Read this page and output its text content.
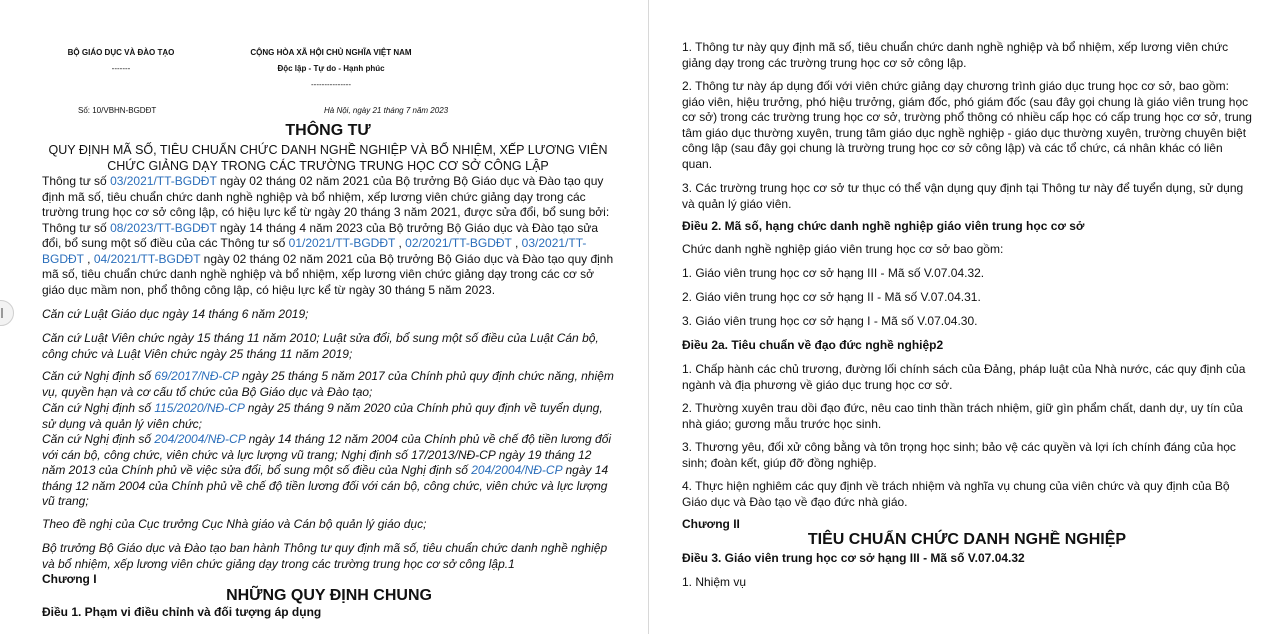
BỘ GIÁO DỤC VÀ ĐÀO TẠO
-------
CỘNG HÒA XÃ HỘI CHỦ NGHĨA VIỆT NAM
Độc lập - Tự do - Hạnh phúc
---------------
Số: 10/VBHN-BGDĐT	Hà Nội, ngày 21 tháng 7 năm 2023
THÔNG TƯ
QUY ĐỊNH MÃ SỐ, TIÊU CHUẨN CHỨC DANH NGHỀ NGHIỆP VÀ BỔ NHIỆM, XẾP LƯƠNG VIÊN CHỨC GIẢNG DẠY TRONG CÁC TRƯỜNG TRUNG HỌC CƠ SỞ CÔNG LẬP
Thông tư số 03/2021/TT-BGDĐT ngày 02 tháng 02 năm 2021 của Bộ trưởng Bộ Giáo dục và Đào tạo quy định mã số, tiêu chuẩn chức danh nghề nghiệp và bổ nhiệm, xếp lương viên chức giảng dạy trong các trường trung học cơ sở công lập, có hiệu lực kể từ ngày 20 tháng 3 năm 2021, được sửa đổi, bổ sung bởi:
Thông tư số 08/2023/TT-BGDĐT ngày 14 tháng 4 năm 2023 của Bộ trưởng Bộ Giáo dục và Đào tạo sửa đổi, bổ sung một số điều của các Thông tư số 01/2021/TT-BGDĐT , 02/2021/TT-BGDĐT , 03/2021/TT-BGDĐT , 04/2021/TT-BGDĐT ngày 02 tháng 02 năm 2021 của Bộ trưởng Bộ Giáo dục và Đào tạo quy định mã số, tiêu chuẩn chức danh nghề nghiệp và bổ nhiệm, xếp lương viên chức giảng dạy trong các cơ sở giáo dục mầm non, phổ thông công lập, có hiệu lực kể từ ngày 30 tháng 5 năm 2023.
Căn cứ Luật Giáo dục ngày 14 tháng 6 năm 2019;
Căn cứ Luật Viên chức ngày 15 tháng 11 năm 2010; Luật sửa đổi, bổ sung một số điều của Luật Cán bộ, công chức và Luật Viên chức ngày 25 tháng 11 năm 2019;
Căn cứ Nghị định số 69/2017/NĐ-CP ngày 25 tháng 5 năm 2017 của Chính phủ quy định chức năng, nhiệm vụ, quyền hạn và cơ cấu tổ chức của Bộ Giáo dục và Đào tạo;
Căn cứ Nghị định số 115/2020/NĐ-CP ngày 25 tháng 9 năm 2020 của Chính phủ quy định về tuyển dụng, sử dụng và quản lý viên chức;
Căn cứ Nghị định số 204/2004/NĐ-CP ngày 14 tháng 12 năm 2004 của Chính phủ về chế độ tiền lương đối với cán bộ, công chức, viên chức và lực lượng vũ trang; Nghị định số 17/2013/NĐ-CP ngày 19 tháng 12 năm 2013 của Chính phủ về việc sửa đổi, bổ sung một số điều của Nghị định số 204/2004/NĐ-CP ngày 14 tháng 12 năm 2004 của Chính phủ về chế độ tiền lương đối với cán bộ, công chức, viên chức và lực lượng vũ trang;
Theo đề nghị của Cục trưởng Cục Nhà giáo và Cán bộ quản lý giáo dục;
Bộ trưởng Bộ Giáo dục và Đào tạo ban hành Thông tư quy định mã số, tiêu chuẩn chức danh nghề nghiệp và bổ nhiệm, xếp lương viên chức giảng dạy trong các trường trung học cơ sở công lập.1
Chương I
NHỮNG QUY ĐỊNH CHUNG
Điều 1. Phạm vi điều chỉnh và đối tượng áp dụng
1. Thông tư này quy định mã số, tiêu chuẩn chức danh nghề nghiệp và bổ nhiệm, xếp lương viên chức giảng dạy trong các trường trung học cơ sở công lập.
2. Thông tư này áp dụng đối với viên chức giảng dạy chương trình giáo dục trung học cơ sở, bao gồm: giáo viên, hiệu trưởng, phó hiệu trưởng, giám đốc, phó giám đốc (sau đây gọi chung là giáo viên trung học cơ sở) trong các trường trung học cơ sở, trường phổ thông có nhiều cấp học có cấp trung học cơ sở, trung tâm giáo dục thường xuyên, trung tâm giáo dục nghề nghiệp - giáo dục thường xuyên, trường chuyên biệt công lập (sau đây gọi chung là trường trung học cơ sở công lập) và các tổ chức, cá nhân khác có liên quan.
3. Các trường trung học cơ sở tư thục có thể vận dụng quy định tại Thông tư này để tuyển dụng, sử dụng và quản lý giáo viên.
Điều 2. Mã số, hạng chức danh nghề nghiệp giáo viên trung học cơ sở
Chức danh nghề nghiệp giáo viên trung học cơ sở bao gồm:
1. Giáo viên trung học cơ sở hạng III - Mã số V.07.04.32.
2. Giáo viên trung học cơ sở hạng II - Mã số V.07.04.31.
3. Giáo viên trung học cơ sở hạng I - Mã số V.07.04.30.
Điều 2a. Tiêu chuẩn về đạo đức nghề nghiệp2
1. Chấp hành các chủ trương, đường lối chính sách của Đảng, pháp luật của Nhà nước, các quy định của ngành và địa phương về giáo dục trung học cơ sở.
2. Thường xuyên trau dồi đạo đức, nêu cao tinh thần trách nhiệm, giữ gìn phẩm chất, danh dự, uy tín của nhà giáo; gương mẫu trước học sinh.
3. Thương yêu, đối xử công bằng và tôn trọng học sinh; bảo vệ các quyền và lợi ích chính đáng của học sinh; đoàn kết, giúp đỡ đồng nghiệp.
4. Thực hiện nghiêm các quy định về trách nhiệm và nghĩa vụ chung của viên chức và quy định của Bộ Giáo dục và Đào tạo về đạo đức nhà giáo.
Chương II
TIÊU CHUẨN CHỨC DANH NGHỀ NGHIỆP
Điều 3. Giáo viên trung học cơ sở hạng III - Mã số V.07.04.32
1. Nhiệm vụ
